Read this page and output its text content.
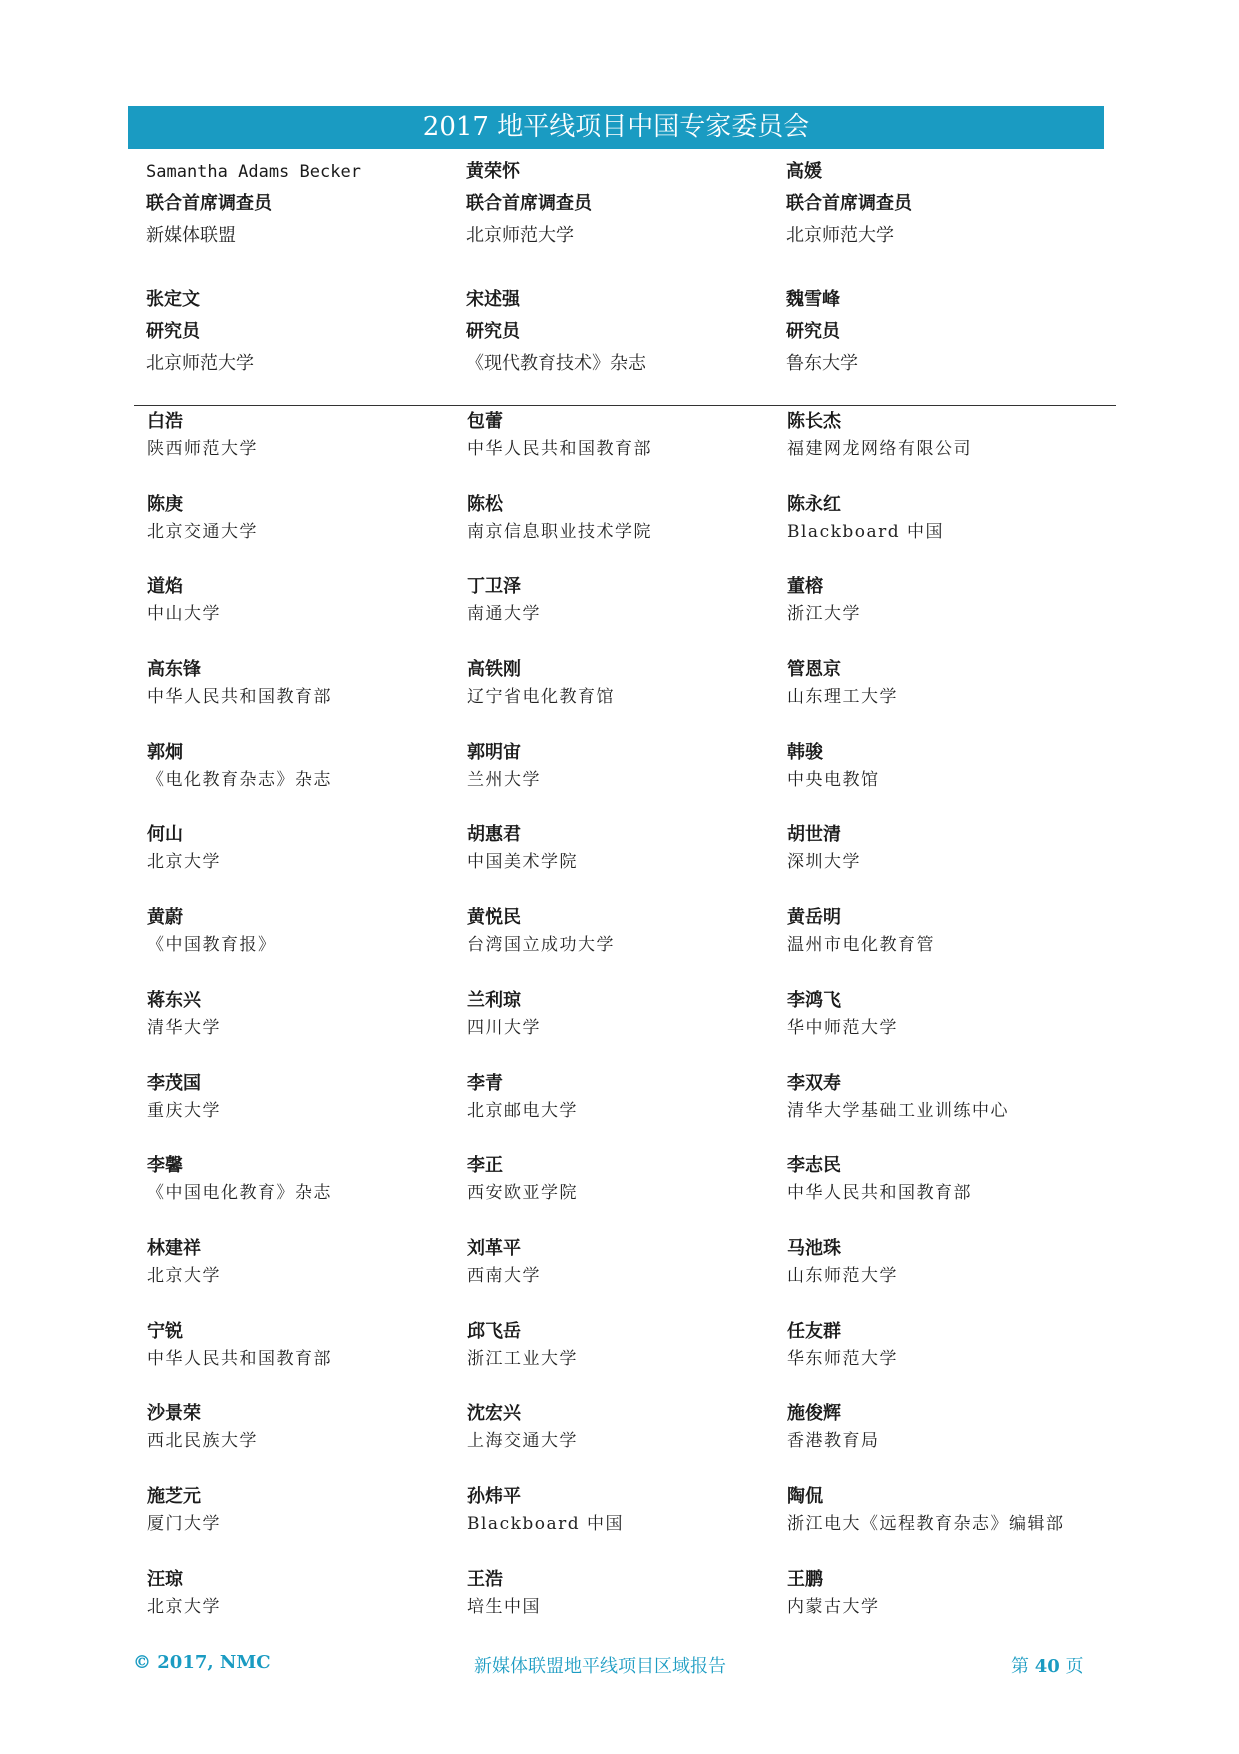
2017 地平线项目中国专家委员会
Samantha Adams Becker
联合首席调查员
新媒体联盟
黄荣怀
联合首席调查员
北京师范大学
高媛
联合首席调查员
北京师范大学
张定文
研究员
北京师范大学
宋述强
研究员
《现代教育技术》杂志
魏雪峰
研究员
鲁东大学
白浩
陕西师范大学
包蕾
中华人民共和国教育部
陈长杰
福建网龙网络有限公司
陈庚
北京交通大学
陈松
南京信息职业技术学院
陈永红
Blackboard 中国
道焰
中山大学
丁卫泽
南通大学
董榕
浙江大学
高东锋
中华人民共和国教育部
高铁刚
辽宁省电化教育馆
管恩京
山东理工大学
郭炯
《电化教育杂志》杂志
郭明宙
兰州大学
韩骏
中央电教馆
何山
北京大学
胡惠君
中国美术学院
胡世清
深圳大学
黄蔚
《中国教育报》
黄悦民
台湾国立成功大学
黄岳明
温州市电化教育管
蒋东兴
清华大学
兰利琼
四川大学
李鸿飞
华中师范大学
李茂国
重庆大学
李青
北京邮电大学
李双寿
清华大学基础工业训练中心
李馨
《中国电化教育》杂志
李正
西安欧亚学院
李志民
中华人民共和国教育部
林建祥
北京大学
刘革平
西南大学
马池珠
山东师范大学
宁锐
中华人民共和国教育部
邱飞岳
浙江工业大学
任友群
华东师范大学
沙景荣
西北民族大学
沈宏兴
上海交通大学
施俊辉
香港教育局
施芝元
厦门大学
孙炜平
Blackboard 中国
陶侃
浙江电大《远程教育杂志》编辑部
汪琼
北京大学
王浩
培生中国
王鹏
内蒙古大学
© 2017, NMC	新媒体联盟地平线项目区域报告	第 40 页
